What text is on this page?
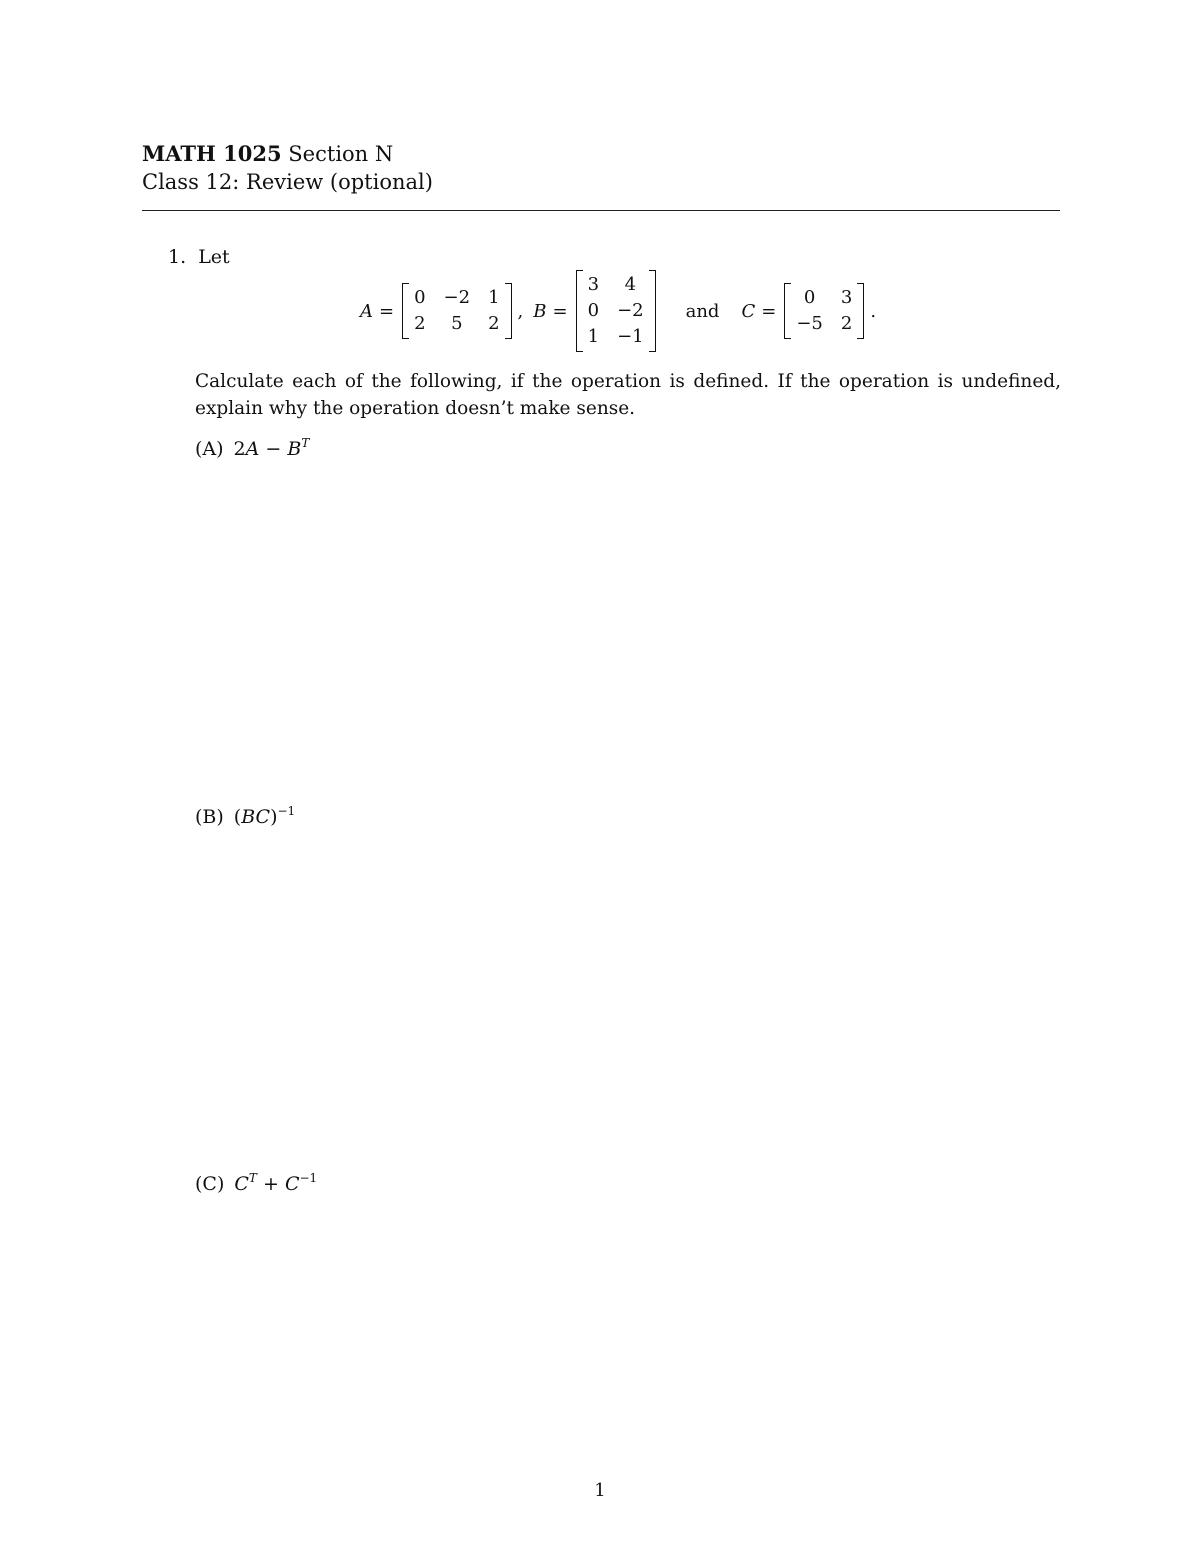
MATH 1025 Section N
Class 12: Review (optional)
1. Let
A =
0 −2 1
2	5	2
, B =
3	4
0 −2
1 −1
and C =
0	3
−5 2
.
Calculate each of the following, if the operation is defined. If the operation is undefined, explain why the operation doesn’t make sense.
(A) $2A - B^T$
(B) (BC)$^{-1}$
(C) $C^T + C^{-1}$
1
